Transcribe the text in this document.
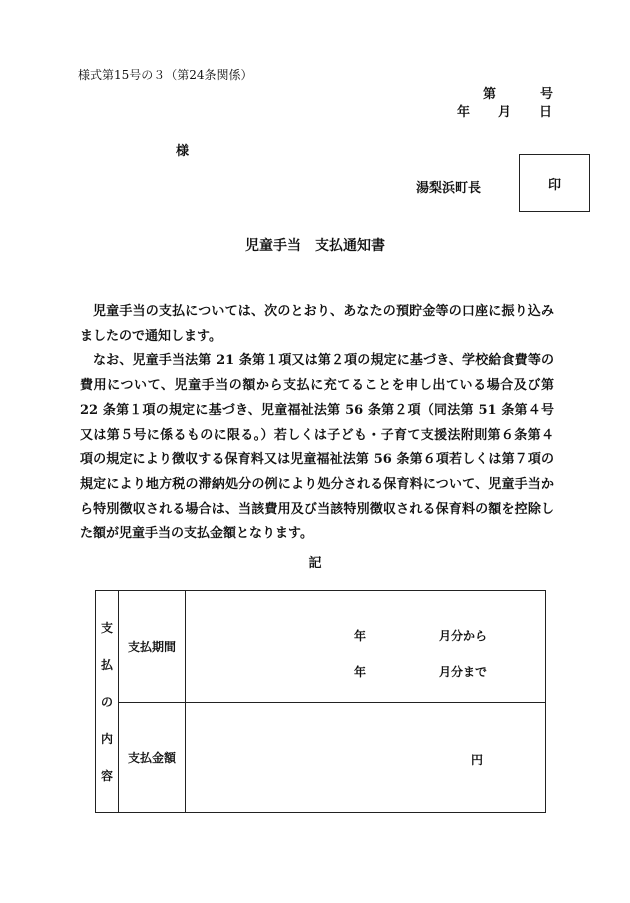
様式第15号の３（第24条関係）
第	号
年 月 日
様
湯梨浜町長	印
児童手当　支払通知書

児童手当の支払については、次のとおり、あなたの預貯金等の口座に振り込みましたので通知します。

なお、児童手当法第 21 条第１項又は第２項の規定に基づき、学校給食費等の費用について、児童手当の額から支払に充てることを申し出ている場合及び第 22 条第１項の規定に基づき、児童福祉法第 56 条第２項（同法第 51 条第４号又は第５号に係るものに限る。）若しくは子ども・子育て支援法附則第６条第４項の規定により徴収する保育料又は児童福祉法第 56 条第６項若しくは第７項の規定により地方税の滞納処分の例により処分される保育料について、児童手当から特別徴収される場合は、当該費用及び当該特別徴収される保育料の額を控除した額が児童手当の支払金額となります。

記
支
払
の
内
容	支払期間	年 月分から
年 月分まで

	支払金額	円
